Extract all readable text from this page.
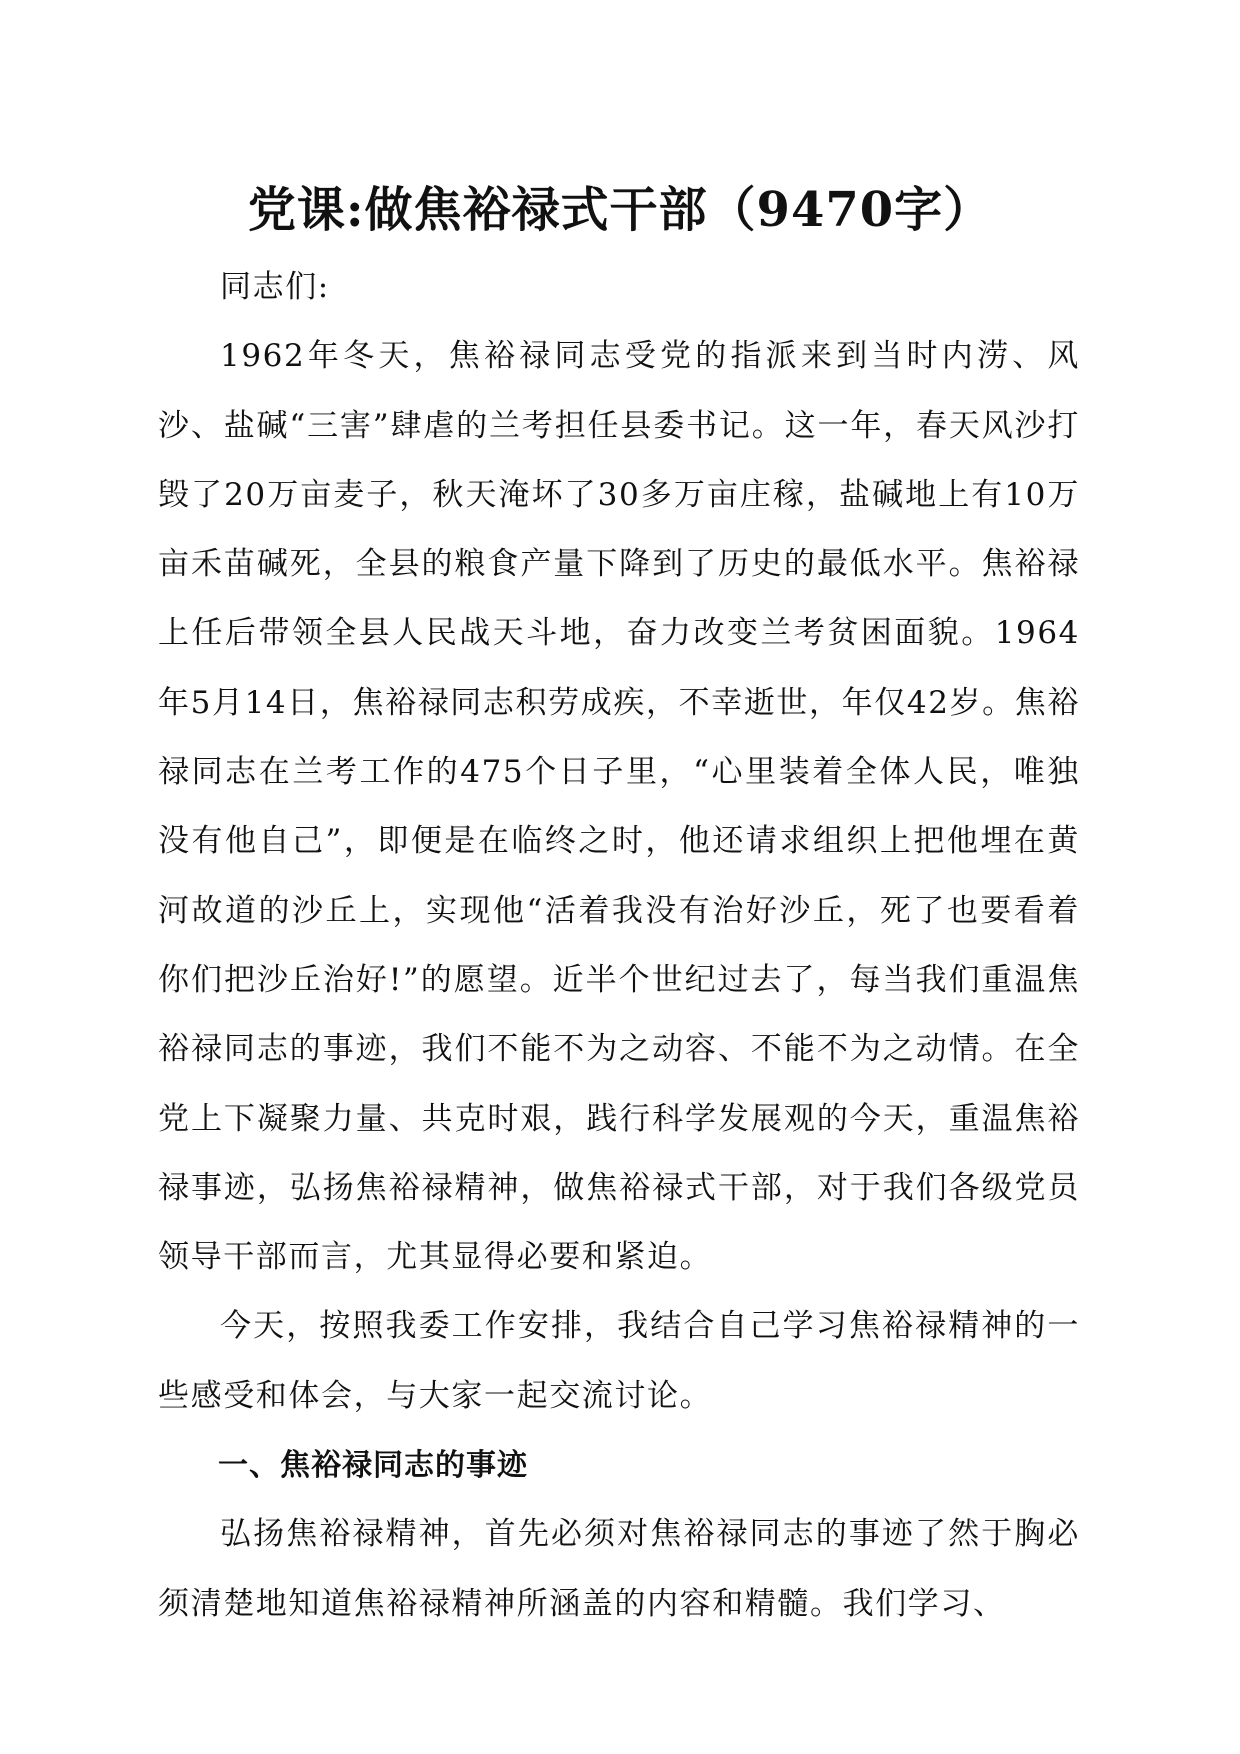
党课:做焦裕禄式干部（9470字）

同志们:

1962年冬天，焦裕禄同志受党的指派来到当时内涝、风沙、盐碱“三害”肆虐的兰考担任县委书记。这一年，春天风沙打毁了20万亩麦子，秋天淹坏了30多万亩庄稼，盐碱地上有10万亩禾苗碱死，全县的粮食产量下降到了历史的最低水平。焦裕禄上任后带领全县人民战天斗地，奋力改变兰考贫困面貌。1964年5月14日，焦裕禄同志积劳成疾，不幸逝世，年仅42岁。焦裕禄同志在兰考工作的475个日子里，“心里装着全体人民，唯独没有他自己”，即便是在临终之时，他还请求组织上把他埋在黄河故道的沙丘上，实现他“活着我没有治好沙丘，死了也要看着你们把沙丘治好!”的愿望。近半个世纪过去了，每当我们重温焦裕禄同志的事迹，我们不能不为之动容、不能不为之动情。在全党上下凝聚力量、共克时艰，践行科学发展观的今天，重温焦裕禄事迹，弘扬焦裕禄精神，做焦裕禄式干部，对于我们各级党员领导干部而言，尤其显得必要和紧迫。

今天，按照我委工作安排，我结合自己学习焦裕禄精神的一些感受和体会，与大家一起交流讨论。

一、焦裕禄同志的事迹

弘扬焦裕禄精神，首先必须对焦裕禄同志的事迹了然于胸必须清楚地知道焦裕禄精神所涵盖的内容和精髓。我们学习、
